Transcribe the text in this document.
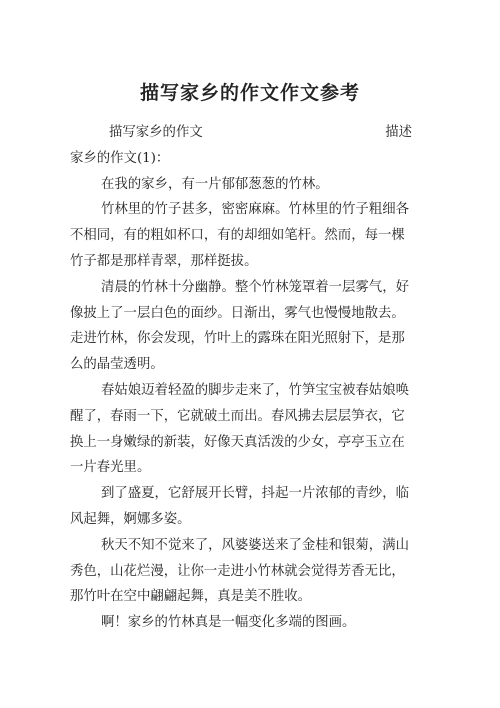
描写家乡的作文作文参考
描写家乡的作文	描述
家乡的作文(1)：
在我的家乡，有一片郁郁葱葱的竹林。
竹林里的竹子甚多，密密麻麻。竹林里的竹子粗细各
不相同，有的粗如杯口，有的却细如笔杆。然而，每一棵
竹子都是那样青翠，那样挺拔。
清晨的竹林十分幽静。整个竹林笼罩着一层雾气，好
像披上了一层白色的面纱。日渐出，雾气也慢慢地散去。
走进竹林，你会发现，竹叶上的露珠在阳光照射下，是那
么的晶莹透明。
春姑娘迈着轻盈的脚步走来了，竹笋宝宝被春姑娘唤
醒了，春雨一下，它就破土而出。春风拂去层层笋衣，它
换上一身嫩绿的新装，好像天真活泼的少女，亭亭玉立在
一片春光里。
到了盛夏，它舒展开长臂，抖起一片浓郁的青纱，临
风起舞，婀娜多姿。
秋天不知不觉来了，风婆婆送来了金桂和银菊，满山
秀色，山花烂漫，让你一走进小竹林就会觉得芳香无比，
那竹叶在空中翩翩起舞，真是美不胜收。
啊！家乡的竹林真是一幅变化多端的图画。
